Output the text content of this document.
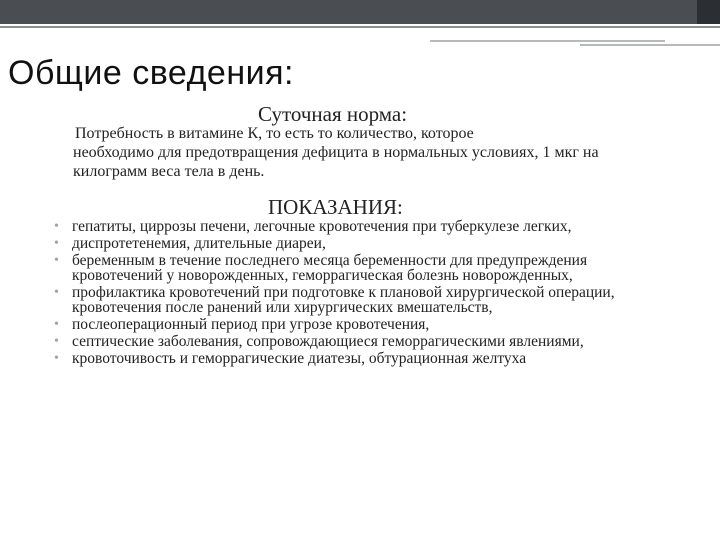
Общие сведения:
Суточная норма:
Потребность в витамине К, то есть то количество, которое
необходимо для предотвращения дефицита в нормальных условиях, 1 мкг на килограмм веса тела в день.
ПОКАЗАНИЯ:
• гепатиты, циррозы печени, легочные кровотечения при туберкулезе легких,
• диспротетенемия, длительные диареи,
• беременным в течение последнего месяца беременности для предупреждения кровотечений у новорожденных, геморрагическая болезнь новорожденных,
• профилактика кровотечений при подготовке к плановой хирургической операции, кровотечения после ранений или хирургических вмешательств,
• послеоперационный период при угрозе кровотечения,
• септические заболевания, сопровождающиеся геморрагическими явлениями,
• кровоточивость и геморрагические диатезы, обтурационная желтуха
